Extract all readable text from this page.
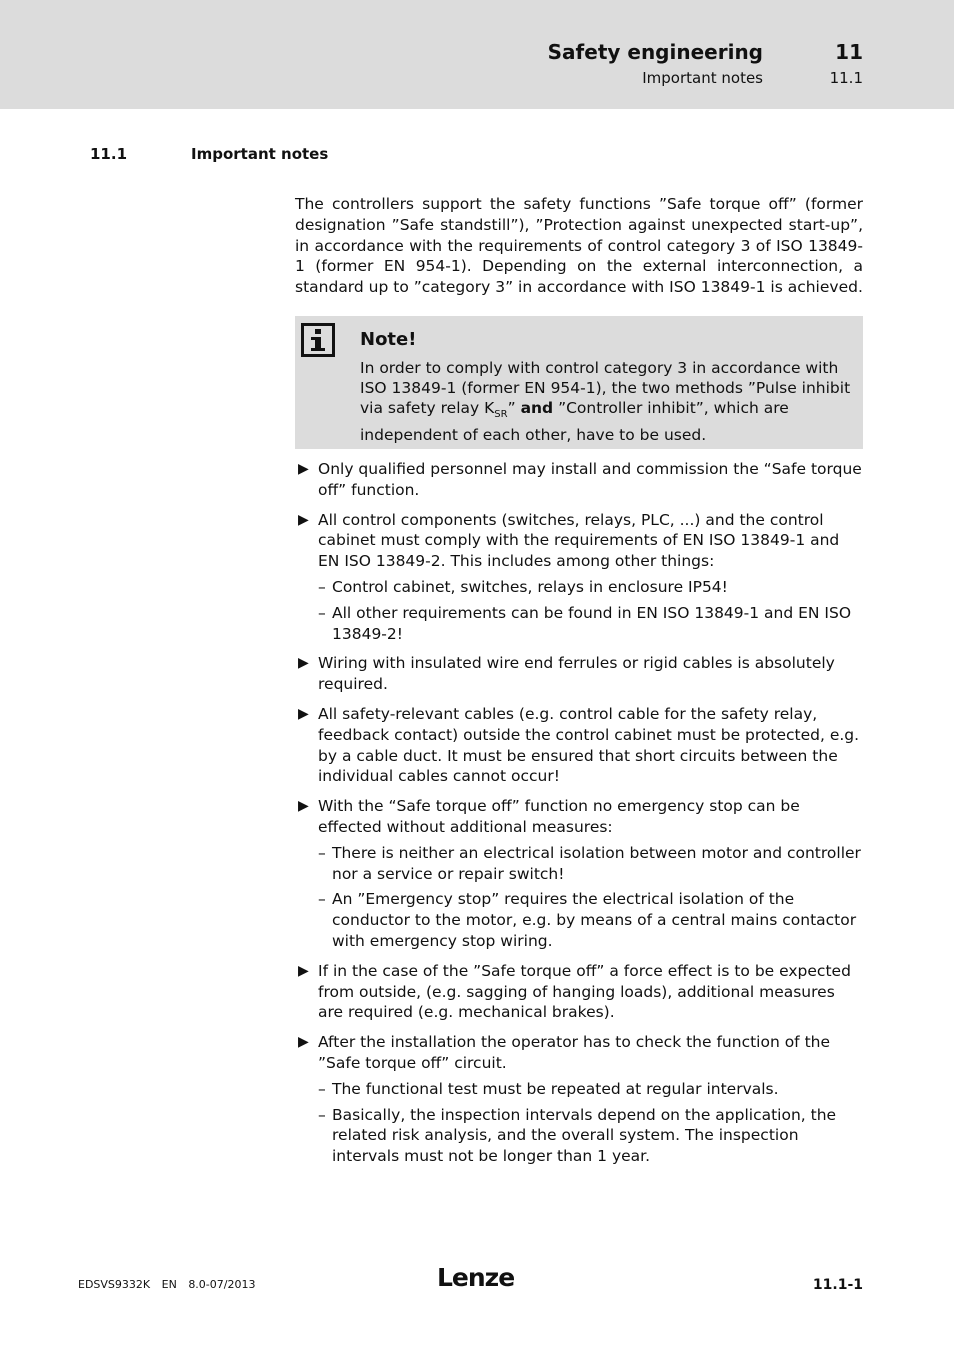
Safety engineering
Important notes
11
11.1
11.1	Important notes

The controllers support the safety functions ”Safe torque off” (former designation ”Safe standstill”), ”Protection against unexpected start-up”, in accordance with the requirements of control category 3 of ISO 13849-1 (former EN 954-1). Depending on the external interconnection, a standard up to ”category 3” in accordance with ISO 13849-1 is achieved.

Note!
In order to comply with control category 3 in accordance with ISO 13849-1 (former EN 954-1), the two methods ”Pulse inhibit via safety relay $K_{SR}$” and ”Controller inhibit”, which are independent of each other, have to be used.
▶ Only qualified personnel may install and commission the “Safe torque off” function.
▶ All control components (switches, relays, PLC, ...) and the control cabinet must comply with the requirements of EN ISO 13849-1 and EN ISO 13849-2. This includes among other things:
– Control cabinet, switches, relays in enclosure IP54!
– All other requirements can be found in EN ISO 13849-1 and EN ISO 13849-2!
▶ Wiring with insulated wire end ferrules or rigid cables is absolutely required.
▶ All safety-relevant cables (e.g. control cable for the safety relay, feedback contact) outside the control cabinet must be protected, e.g. by a cable duct. It must be ensured that short circuits between the individual cables cannot occur!
▶ With the “Safe torque off” function no emergency stop can be effected without additional measures:
– There is neither an electrical isolation between motor and controller nor a service or repair switch!
– An ”Emergency stop” requires the electrical isolation of the conductor to the motor, e.g. by means of a central mains contactor with emergency stop wiring.
▶ If in the case of the ”Safe torque off” a force effect is to be expected from outside, (e.g. sagging of hanging loads), additional measures are required (e.g. mechanical brakes).
▶ After the installation the operator has to check the function of the ”Safe torque off” circuit.
– The functional test must be repeated at regular intervals.
– Basically, the inspection intervals depend on the application, the related risk analysis, and the overall system. The inspection intervals must not be longer than 1 year.
EDSVS9332K EN 8.0-07/2013	Lenze	11.1-1
